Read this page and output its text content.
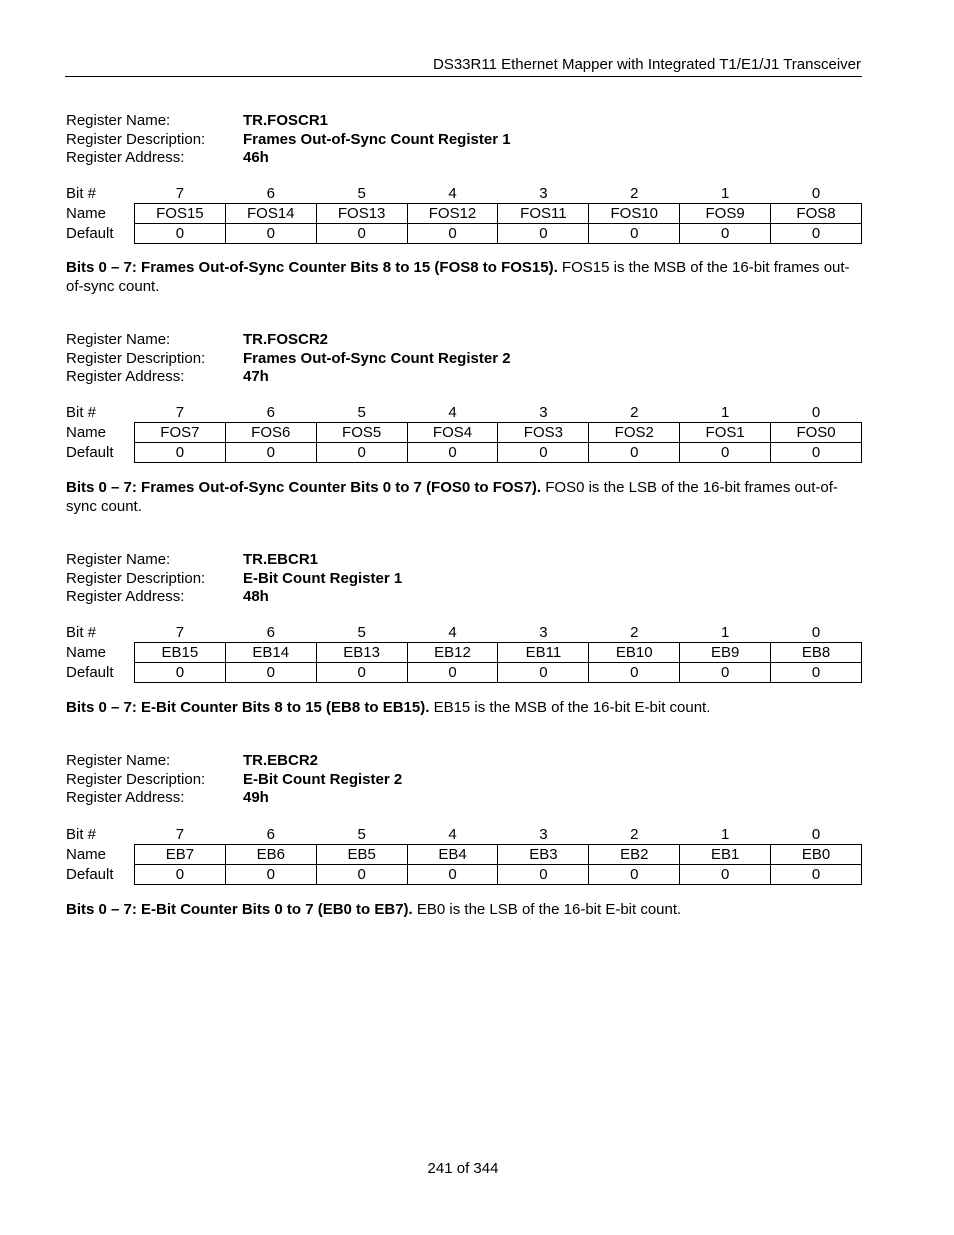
DS33R11 Ethernet Mapper with Integrated T1/E1/J1 Transceiver
Register Name:	TR.FOSCR1
Register Description:	Frames Out-of-Sync Count Register 1
Register Address:	46h
Bit #	7	6	5	4	3	2	1	0
Name	FOS15	FOS14	FOS13	FOS12	FOS11	FOS10	FOS9	FOS8
Default	0	0	0	0	0	0	0	0
Bits 0 – 7: Frames Out-of-Sync Counter Bits 8 to 15 (FOS8 to FOS15). FOS15 is the MSB of the 16-bit frames out-of-sync count.
Register Name:	TR.FOSCR2
Register Description:	Frames Out-of-Sync Count Register 2
Register Address:	47h
Bit #	7	6	5	4	3	2	1	0
Name	FOS7	FOS6	FOS5	FOS4	FOS3	FOS2	FOS1	FOS0
Default	0	0	0	0	0	0	0	0
Bits 0 – 7: Frames Out-of-Sync Counter Bits 0 to 7 (FOS0 to FOS7). FOS0 is the LSB of the 16-bit frames out-of-sync count.
Register Name:	TR.EBCR1
Register Description:	E-Bit Count Register 1
Register Address:	48h
Bit #	7	6	5	4	3	2	1	0
Name	EB15	EB14	EB13	EB12	EB11	EB10	EB9	EB8
Default	0	0	0	0	0	0	0	0
Bits 0 – 7: E-Bit Counter Bits 8 to 15 (EB8 to EB15). EB15 is the MSB of the 16-bit E-bit count.
Register Name:	TR.EBCR2
Register Description:	E-Bit Count Register 2
Register Address:	49h
Bit #	7	6	5	4	3	2	1	0
Name	EB7	EB6	EB5	EB4	EB3	EB2	EB1	EB0
Default	0	0	0	0	0	0	0	0
Bits 0 – 7: E-Bit Counter Bits 0 to 7 (EB0 to EB7). EB0 is the LSB of the 16-bit E-bit count.
241 of 344
